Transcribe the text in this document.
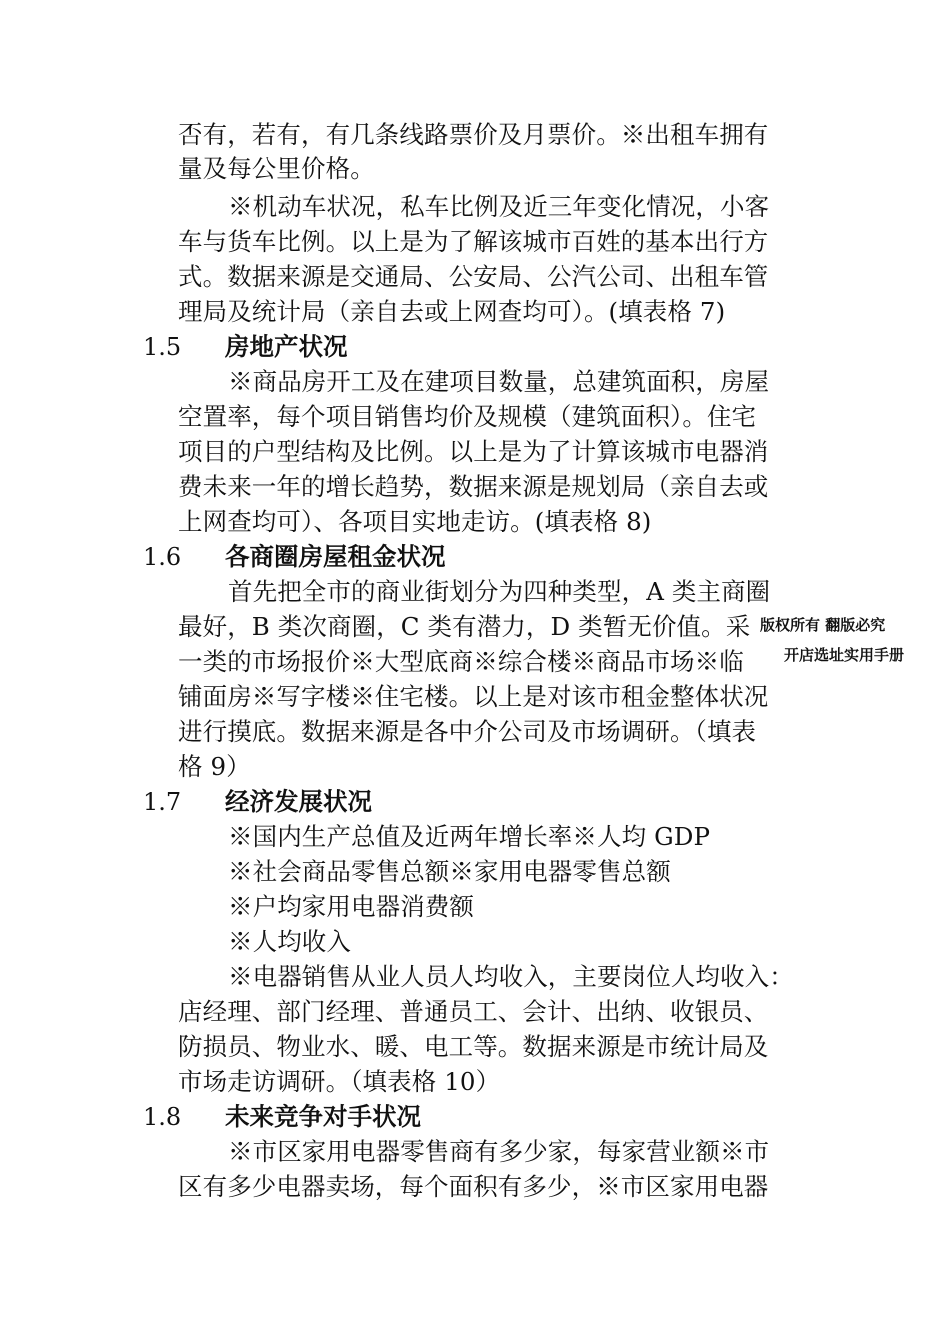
否有，若有，有几条线路票价及月票价。※出租车拥有
量及每公里价格。
※机动车状况，私车比例及近三年变化情况，小客
车与货车比例。以上是为了解该城市百姓的基本出行方
式。数据来源是交通局、公安局、公汽公司、出租车管
理局及统计局（亲自去或上网查均可）。(填表格 7)
1.5 房地产状况
※商品房开工及在建项目数量，总建筑面积，房屋
空置率，每个项目销售均价及规模（建筑面积）。住宅
项目的户型结构及比例。以上是为了计算该城市电器消
费未来一年的增长趋势，数据来源是规划局（亲自去或
上网查均可）、各项目实地走访。(填表格 8)
1.6 各商圈房屋租金状况
首先把全市的商业街划分为四种类型，A 类主商圈
最好，B 类次商圈，C 类有潜力，D 类暂无价值。采
一类的市场报价※大型底商※综合楼※商品市场※临
铺面房※写字楼※住宅楼。以上是对该市租金整体状况
进行摸底。数据来源是各中介公司及市场调研。（填表
格 9）
版权所有 翻版必究
开店选址实用手册
1.7 经济发展状况
※国内生产总值及近两年增长率※人均 GDP
※社会商品零售总额※家用电器零售总额
※户均家用电器消费额
※人均收入
※电器销售从业人员人均收入，主要岗位人均收入：
店经理、部门经理、普通员工、会计、出纳、收银员、
防损员、物业水、暖、电工等。数据来源是市统计局及
市场走访调研。（填表格 10）
1.8 未来竞争对手状况
※市区家用电器零售商有多少家，每家营业额※市
区有多少电器卖场，每个面积有多少，※市区家用电器
